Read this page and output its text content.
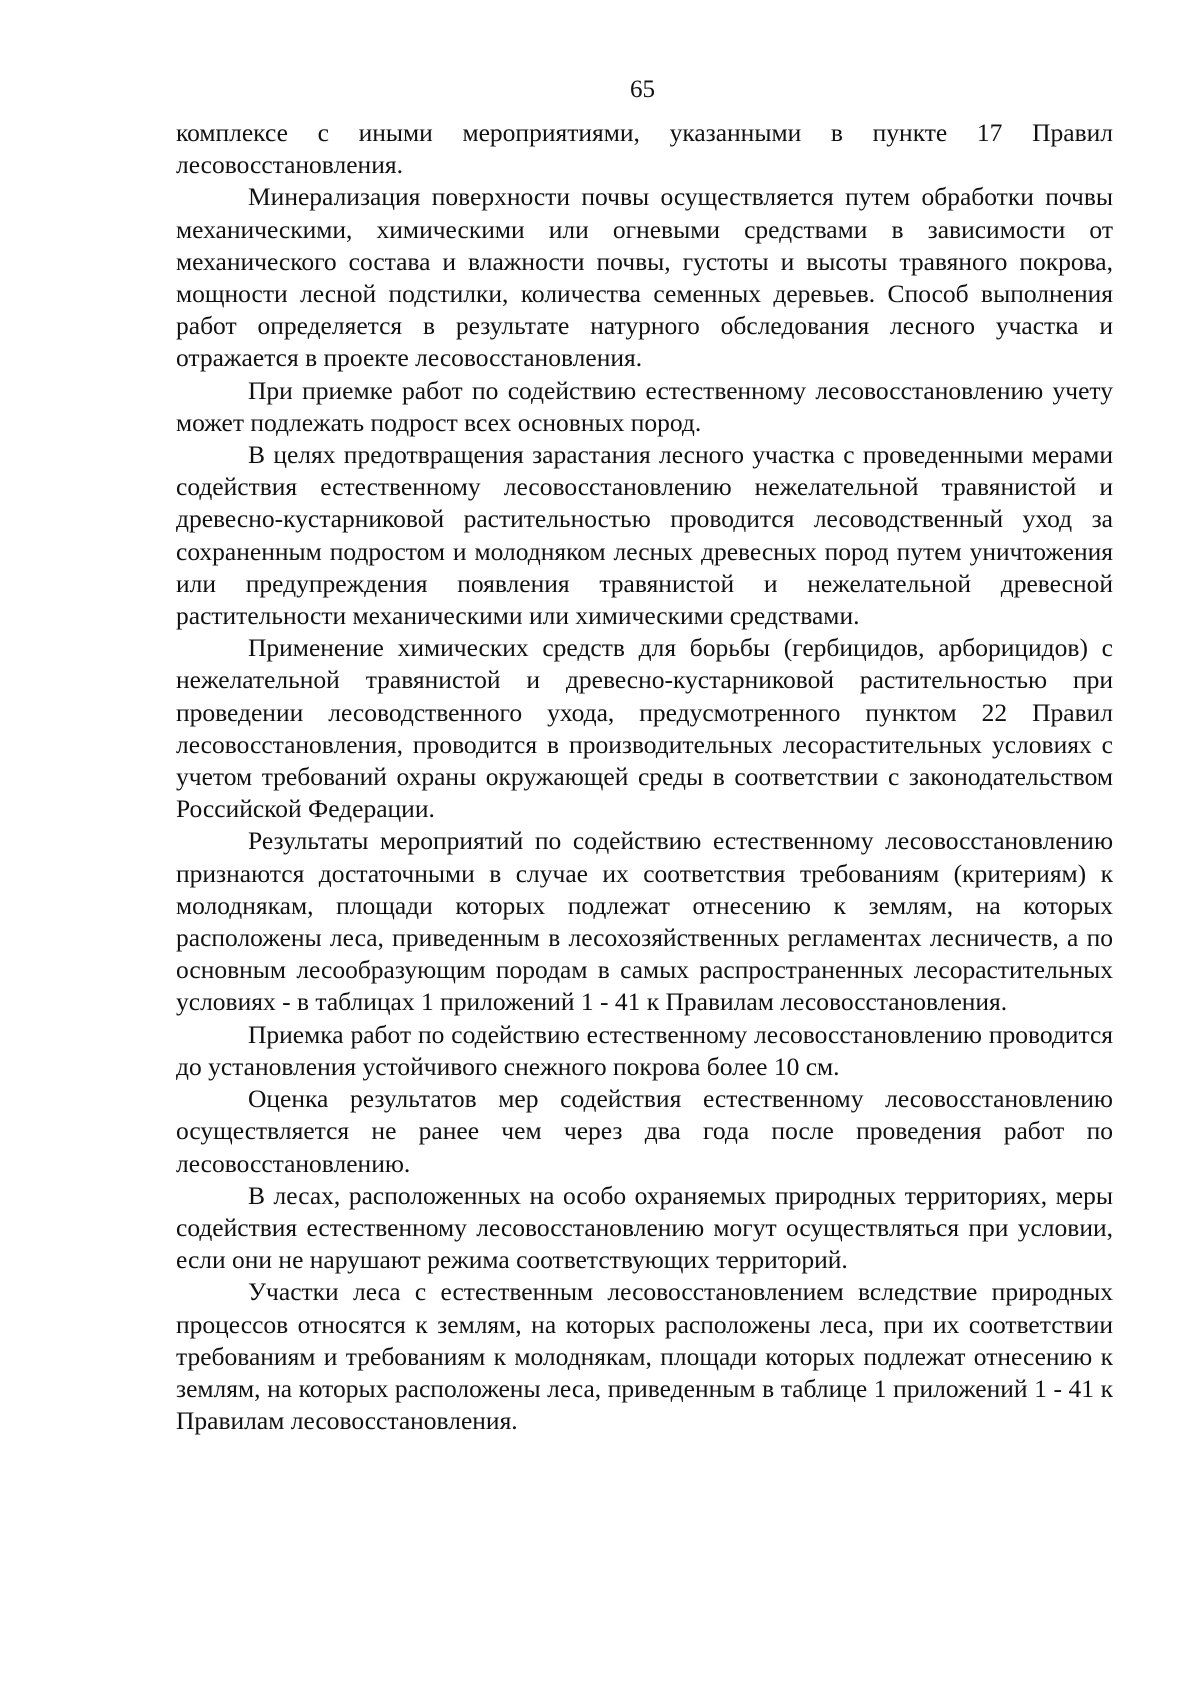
65

комплексе с иными мероприятиями, указанными в пункте 17 Правил лесовосстановления.

Минерализация поверхности почвы осуществляется путем обработки почвы механическими, химическими или огневыми средствами в зависимости от механического состава и влажности почвы, густоты и высоты травяного покрова, мощности лесной подстилки, количества семенных деревьев. Способ выполнения работ определяется в результате натурного обследования лесного участка и отражается в проекте лесовосстановления.

При приемке работ по содействию естественному лесовосстановлению учету может подлежать подрост всех основных пород.

В целях предотвращения зарастания лесного участка с проведенными мерами содействия естественному лесовосстановлению нежелательной травянистой и древесно-кустарниковой растительностью проводится лесоводственный уход за сохраненным подростом и молодняком лесных древесных пород путем уничтожения или предупреждения появления травянистой и нежелательной древесной растительности механическими или химическими средствами.

Применение химических средств для борьбы (гербицидов, арборицидов) с нежелательной травянистой и древесно-кустарниковой растительностью при проведении лесоводственного ухода, предусмотренного пунктом 22 Правил лесовосстановления, проводится в производительных лесорастительных условиях с учетом требований охраны окружающей среды в соответствии с законодательством Российской Федерации.

Результаты мероприятий по содействию естественному лесовосстановлению признаются достаточными в случае их соответствия требованиям (критериям) к молоднякам, площади которых подлежат отнесению к землям, на которых расположены леса, приведенным в лесохозяйственных регламентах лесничеств, а по основным лесообразующим породам в самых распространенных лесорастительных условиях - в таблицах 1 приложений 1 - 41 к Правилам лесовосстановления.

Приемка работ по содействию естественному лесовосстановлению проводится до установления устойчивого снежного покрова более 10 см.

Оценка результатов мер содействия естественному лесовосстановлению осуществляется не ранее чем через два года после проведения работ по лесовосстановлению.

В лесах, расположенных на особо охраняемых природных территориях, меры содействия естественному лесовосстановлению могут осуществляться при условии, если они не нарушают режима соответствующих территорий.

Участки леса с естественным лесовосстановлением вследствие природных процессов относятся к землям, на которых расположены леса, при их соответствии требованиям и требованиям к молоднякам, площади которых подлежат отнесению к землям, на которых расположены леса, приведенным в таблице 1 приложений 1 - 41 к Правилам лесовосстановления.
